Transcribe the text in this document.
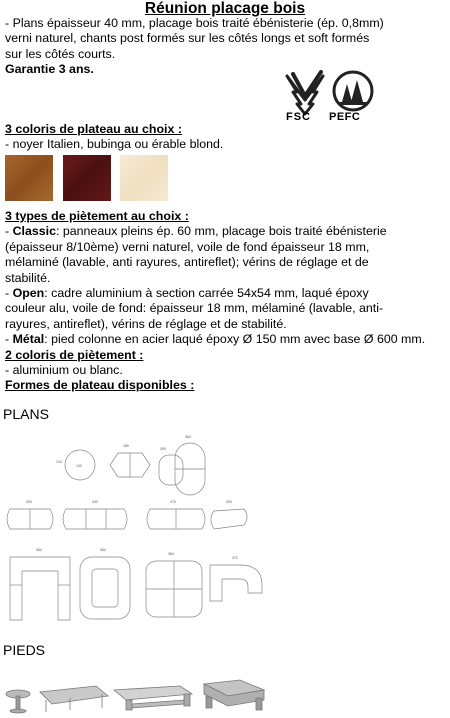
Réunion placage bois
- Plans épaisseur 40 mm, placage bois traité ébénisterie (ép. 0,8mm)
verni naturel, chants post formés sur les côtés longs et soft formés
sur les côtés courts.
Garantie 3 ans.
FSC PEFC
3 coloris de plateau au choix :
- noyer Italien, bubinga ou érable blond.
3 types de piètement au choix :
- Classic: panneaux pleins ép. 60 mm, placage bois traité ébénisterie
(épaisseur 8/10ème) verni naturel, voile de fond épaisseur 18 mm,
mélaminé (lavable, anti rayures, antireflet); vérins de réglage et de
stabilité.
- Open: cadre aluminium à section carrée 54x54 mm, laqué époxy
couleur alu, voile de fond: épaisseur 18 mm, mélaminé (lavable, anti-
rayures, antireflet), vérins de réglage et de stabilité.
- Métal: pied colonne en acier laqué époxy Ø 150 mm avec base Ø 600 mm.
2 coloris de piètement :
- aluminium ou blanc.
Formes de plateau disponibles :
PLANS
124
140
180
300
364
300	430	470	300
364	364
364
371
PIEDS
